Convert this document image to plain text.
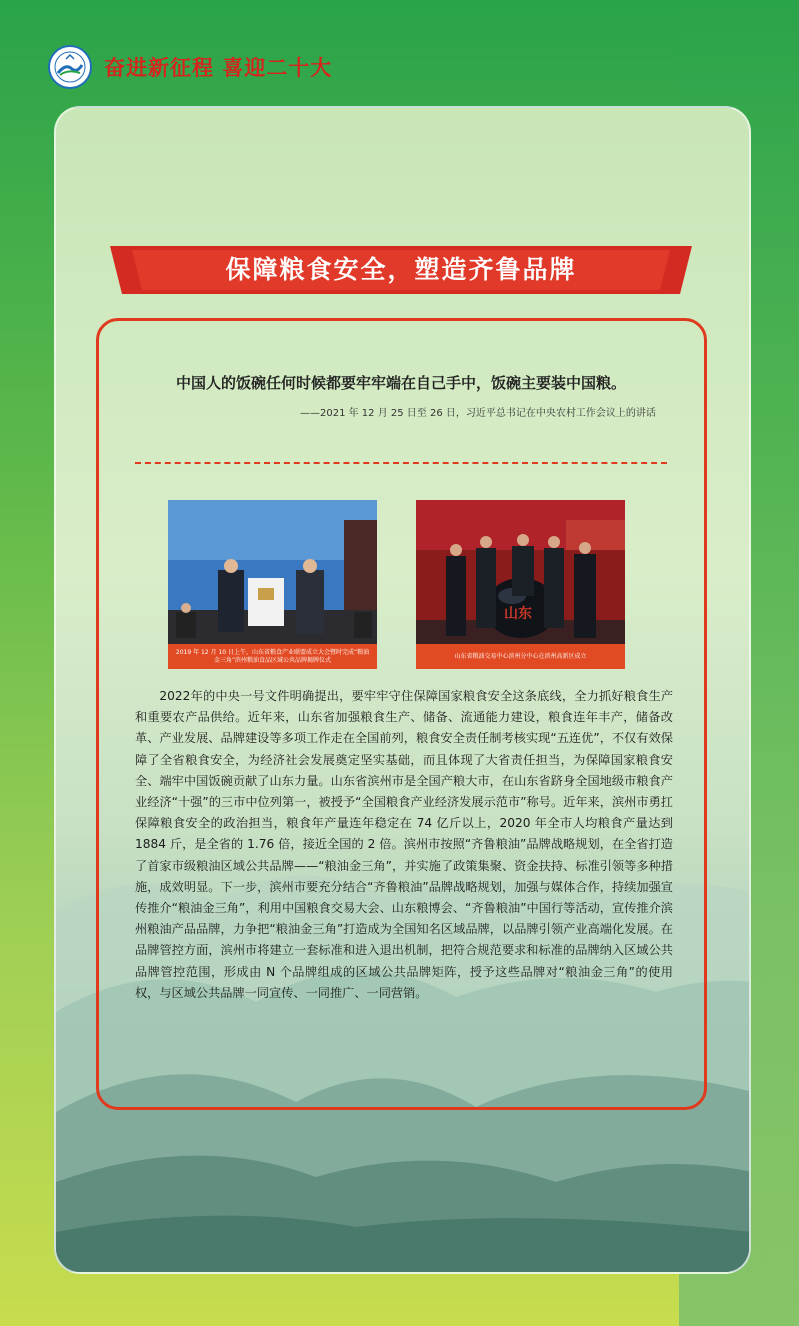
奋进新征程 喜迎二十大
保障粮食安全，塑造齐鲁品牌
中国人的饭碗任何时候都要牢牢端在自己手中，饭碗主要装中国粮。
——2021 年 12 月 25 日至 26 日，习近平总书记在中央农村工作会议上的讲话
2019 年 12 月 10 日上午，山东省粮食产业联盟成立大会暨时完成“粮油金三角”滨州粮油食品区域公共品牌揭牌仪式
山东
山东省粮油交易中心滨州分中心在滨州高新区成立

2022年的中央一号文件明确提出，要牢牢守住保障国家粮食安全这条底线，全力抓好粮食生产和重要农产品供给。近年来，山东省加强粮食生产、储备、流通能力建设，粮食连年丰产，储备改革、产业发展、品牌建设等多项工作走在全国前列，粮食安全责任制考核实现“五连优”，不仅有效保障了全省粮食安全，为经济社会发展奠定坚实基础，而且体现了大省责任担当，为保障国家粮食安全、端牢中国饭碗贡献了山东力量。山东省滨州市是全国产粮大市，在山东省跻身全国地级市粮食产业经济“十强”的三市中位列第一，被授予“全国粮食产业经济发展示范市”称号。近年来，滨州市勇扛保障粮食安全的政治担当，粮食年产量连年稳定在 74 亿斤以上，2020 年全市人均粮食产量达到 1884 斤，是全省的 1.76 倍，接近全国的 2 倍。滨州市按照“齐鲁粮油”品牌战略规划，在全省打造了首家市级粮油区域公共品牌——“粮油金三角”，并实施了政策集聚、资金扶持、标准引领等多种措施，成效明显。下一步，滨州市要充分结合“齐鲁粮油”品牌战略规划，加强与媒体合作，持续加强宣传推介“粮油金三角”，利用中国粮食交易大会、山东粮博会、“齐鲁粮油”中国行等活动，宣传推介滨州粮油产品品牌，力争把“粮油金三角”打造成为全国知名区域品牌，以品牌引领产业高端化发展。在品牌管控方面，滨州市将建立一套标准和进入退出机制，把符合规范要求和标准的品牌纳入区域公共品牌管控范围，形成由 N 个品牌组成的区域公共品牌矩阵，授予这些品牌对“粮油金三角”的使用权，与区域公共品牌一同宣传、一同推广、一同营销。
